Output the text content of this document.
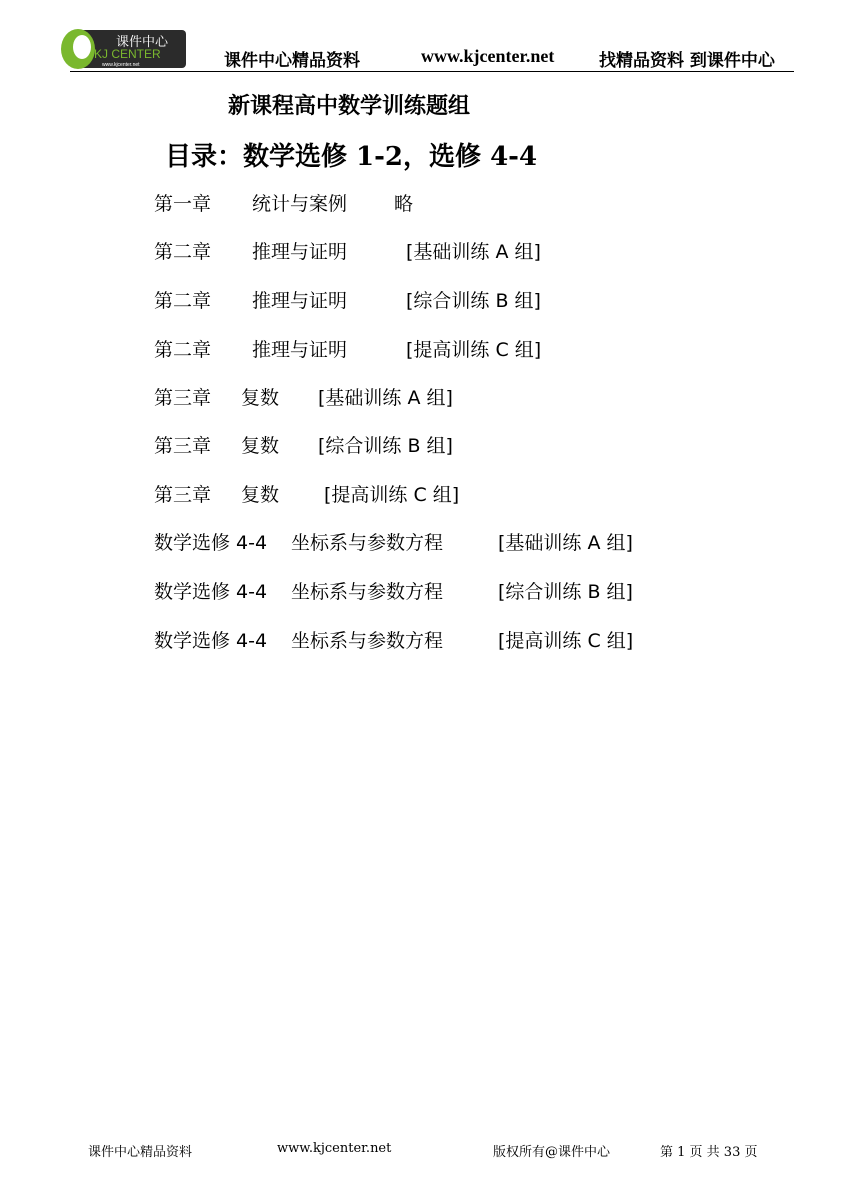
课件中心
KJ CENTER
www.kjcenter.net	课件中心精品资料	www.kjcenter.net	找精品资料 到课件中心
新课程高中数学训练题组
目录：数学选修 1-2，选修 4-4
第一章 统计与案例 略
第二章 推理与证明	[基础训练 A 组]
第二章 推理与证明	[综合训练 B 组]
第二章 推理与证明	[提高训练 C 组]
第三章 复数 [基础训练 A 组]
第三章 复数 [综合训练 B 组]
第三章 复数 [提高训练 C 组]
数学选修 4-4 坐标系与参数方程	[基础训练 A 组]
数学选修 4-4 坐标系与参数方程	[综合训练 B 组]
数学选修 4-4 坐标系与参数方程	[提高训练 C 组]
课件中心精品资料	www.kjcenter.net	版权所有@课件中心	第 1 页 共 33 页
